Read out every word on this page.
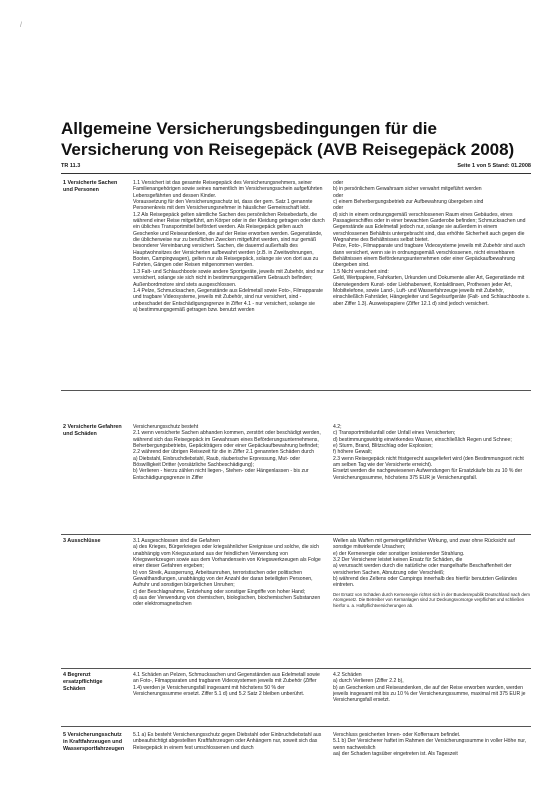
/
Allgemeine Versicherungsbedingungen für die Versicherung von Reisegepäck (AVB Reisegepäck 2008)
TR 11.3	Seite 1 von 5 Stand: 01.2008
1 Versicherte Sachen und Personen

1.1 Versichert ist das gesamte Reisegepäck des Versicherungsnehmers, seiner Familienangehörigen sowie seines namentlich im Versicherungsschein aufgeführten Lebensgefährten und dessen Kinder.

Voraussetzung für den Versicherungsschutz ist, dass der gem. Satz 1 genannte Personenkreis mit dem Versicherungsnehmer in häuslicher Gemeinschaft lebt.

1.2 Als Reisegepäck gelten sämtliche Sachen des persönlichen Reisebedarfs, die während einer Reise mitgeführt, am Körper oder in der Kleidung getragen oder durch ein übliches Transportmittel befördert werden. Als Reisegepäck gelten auch Geschenke und Reiseandenken, die auf der Reise erworben werden. Gegenstände, die üblicherweise nur zu beruflichen Zwecken mitgeführt werden, sind nur gemäß besonderer Vereinbarung versichert. Sachen, die dauernd außerhalb des Hauptwohnsitzes der Versicherten aufbewahrt werden (z.B. in Zweitwohnungen, Booten, Campingwagen), gelten nur als Reisegepäck, solange sie von dort aus zu Fahrten, Gängen oder Reisen mitgenommen werden.

1.3 Falt- und Schlauchboote sowie andere Sportgeräte, jeweils mit Zubehör, sind nur versichert, solange sie sich nicht in bestimmungsgemäßem Gebrauch befinden; Außenbordmotore sind stets ausgeschlossen.

1.4 Pelze, Schmucksachen, Gegenstände aus Edelmetall sowie Foto-, Filmapparate und tragbare Videosysteme, jeweils mit Zubehör, sind nur versichert, sind - unbeschadet der Entschädigungsgrenze in Ziffer 4.1 - nur versichert, solange sie

a) bestimmungsgemäß getragen bzw. benutzt werden

oder

b) in persönlichem Gewahrsam sicher verwahrt mitgeführt werden

oder

c) einem Beherbergungsbetrieb zur Aufbewahrung übergeben sind

oder

d) sich in einem ordnungsgemäß verschlossenen Raum eines Gebäudes, eines Passagierschiffes oder in einer bewachten Garderobe befinden; Schmucksachen und Gegenstände aus Edelmetall jedoch nur, solange sie außerdem in einem verschlossenen Behältnis untergebracht sind, das erhöhte Sicherheit auch gegen die Wegnahme des Behältnisses selbst bietet.

Pelze, Foto-, Filmapparate und tragbare Videosysteme jeweils mit Zubehör sind auch dann versichert, wenn sie in ordnungsgemäß verschlossenen, nicht einsehbaren Behältnissen einem Beförderungsunternehmen oder einer Gepäckaufbewahrung übergeben sind.

1.5 Nicht versichert sind:

Geld, Wertpapiere, Fahrkarten, Urkunden und Dokumente aller Art, Gegenstände mit überwiegendem Kunst- oder Liebhaberwert, Kontaktlinsen, Prothesen jeder Art, Mobiltelefone, sowie Land-, Luft- und Wasserfahrzeuge jeweils mit Zubehör, einschließlich Fahrräder, Hängegleiter und Segelsurfgeräte (Falt- und Schlauchboote s. aber Ziffer 1.3). Ausweispapiere (Ziffer 12.1 d) sind jedoch versichert.

2 Versicherte Gefahren und Schäden

Versicherungsschutz besteht

2.1 wenn versicherte Sachen abhanden kommen, zerstört oder beschädigt werden, während sich das Reisegepäck im Gewahrsam eines Beförderungsunternehmens, Beherbergungsbetriebs, Gepäckträgers oder einer Gepäckaufbewahrung befindet;

2.2 während der übrigen Reisezeit für die in Ziffer 2.1 genannten Schäden durch

a) Diebstahl, Einbruchdiebstahl, Raub, räuberische Erpressung, Mut- oder Böswilligkeit Dritter (vorsätzliche Sachbeschädigung);

b) Verlieren - hierzu zählen nicht liegen-, Stehen- oder Hängenlassen - bis zur Entschädigungsgrenze in Ziffer

4.2;

c) Transportmittelunfall oder Unfall eines Versicherten;

d) bestimmungswidrig einwirkendes Wasser, einschließlich Regen und Schnee;

e) Sturm, Brand, Blitzschlag oder Explosion;

f) höhere Gewalt;

2.3 wenn Reisegepäck nicht fristgerecht ausgeliefert wird (den Bestimmungsort nicht am selben Tag wie der Versicherte erreicht).

Ersetzt werden die nachgewiesenen Aufwendungen für Ersatzkäufe bis zu 10 % der Versicherungssumme, höchstens 375 EUR je Versicherungsfall.

3 Ausschlüsse	3.1 Ausgeschlossen sind die Gefahren

a) des Krieges, Bürgerkrieges oder kriegsähnlicher Ereignisse und solche, die sich unabhängig vom Kriegszustand aus der feindlichen Verwendung von Kriegswerkzeugen sowie aus dem Vorhandensein von Kriegswerkzeugen als Folge einer dieser Gefahren ergeben;

b) von Streik, Aussperrung, Arbeitsunruhen, terroristischen oder politischen Gewalthandlungen, unabhängig von der Anzahl der daran beteiligten Personen, Aufruhr und sonstigen bürgerlichen Unruhen;

c) der Beschlagnahme, Entziehung oder sonstiger Eingriffe von hoher Hand;

d) aus der Verwendung von chemischen, biologischen, biochemischen Substanzen oder elektromagnetischen

Wellen als Waffen mit gemeingefährlicher Wirkung, und zwar ohne Rücksicht auf sonstige mitwirkende Ursachen;

e) der Kernenergie oder sonstiger ionisierender Strahlung.

3.2 Der Versicherer leistet keinen Ersatz für Schäden, die

a) verursacht werden durch die natürliche oder mangelhafte Beschaffenheit der versicherten Sachen, Abnutzung oder Verschleiß;

b) während des Zeltens oder Campings innerhalb des hierfür benutzten Geländes eintreten.

Der Ersatz von Schäden durch Kernenergie richtet sich in der Bundesrepublik Deutschland nach dem Atomgesetz. Die Betreiber von Kernanlagen sind zur Deckungsvorsorge verpflichtet und schließen hierfür u. a. Haftpflichtversicherungen ab.

4 Begrenzt ersatzpflichtige Schäden

4.1 Schäden an Pelzen, Schmucksachen und Gegenständen aus Edelmetall sowie an Foto-, Filmapparaten und tragbaren Videosystemen jeweils mit Zubehör (Ziffer 1.4) werden je Versicherungsfall insgesamt mit höchstens 50 % der Versicherungssumme ersetzt. Ziffer 5.1 d) und 5.2 Satz 2 bleiben unberührt.

4.2 Schäden

a) durch Verlieren (Ziffer 2.2 b),

b) an Geschenken und Reiseandenken, die auf der Reise erworben wurden, werden jeweils insgesamt mit bis zu 10 % der Versicherungssumme, maximal mit 375 EUR je Versicherungsfall ersetzt.

5 Versicherungsschutz in Kraftfahrzeugen und Wassersportfahrzeugen

5.1 a) Es besteht Versicherungsschutz gegen Diebstahl oder Einbruchdiebstahl aus unbeaufsichtigt abgestellten Kraftfahrzeugen oder Anhängern nur, soweit sich das Reisegepäck in einem fest umschlossenen und durch

Verschluss gesicherten Innen- oder Kofferraum befindet.

5.1 b) Der Versicherer haftet im Rahmen der Versicherungssumme in voller Höhe nur, wenn nachweislich

aa) der Schaden tagsüber eingetreten ist. Als Tageszeit
